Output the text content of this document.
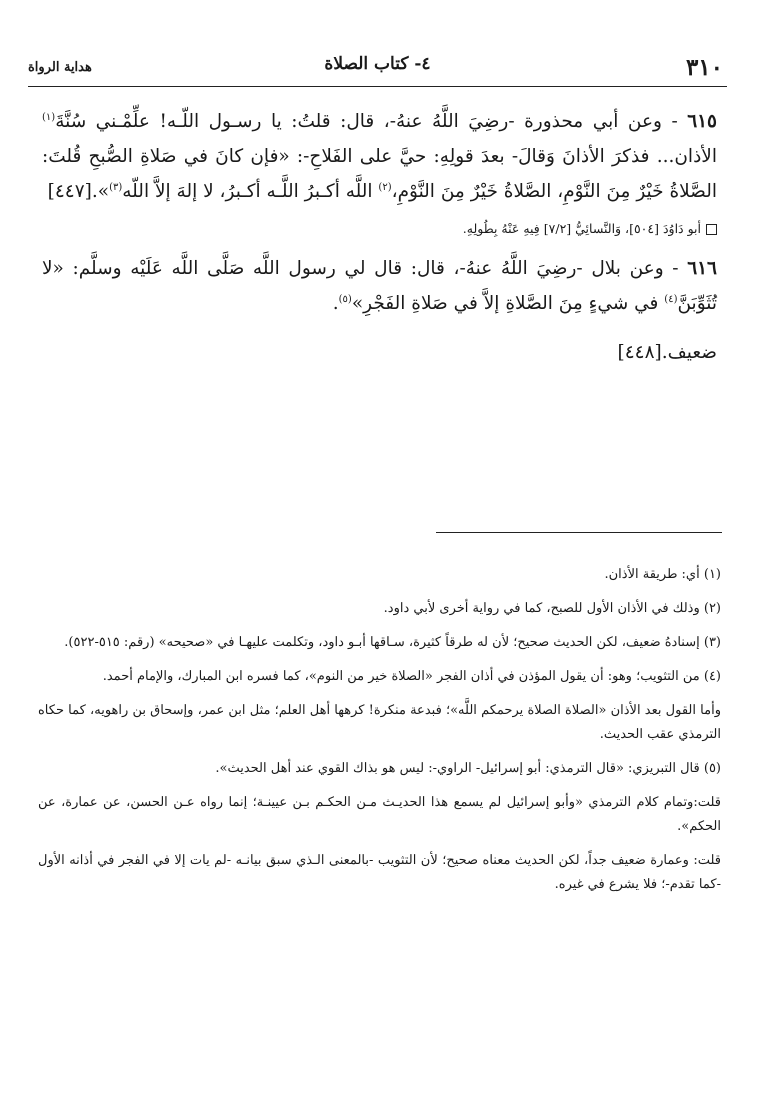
٣١٠
٤- كتاب الصلاة
هداية الرواة

٦١٥ - وعن أبي محذورة -رضِيَ اللَّهُ عنهُ-، قال: قلتُ: يا رسـول اللّـه! علِّمْـني سُنَّةَ$^{(١)}$ الأذان... فذكرَ الأذانَ وَقالَ- بعدَ قولِهِ: حيَّ على الفَلاحِ-: «فإن كانَ في صَلاةِ الصُّبحِ قُلتَ: الصَّلاةُ خَيْرٌ مِنَ النَّوْمِ، الصَّلاةُ خَيْرٌ مِنَ النَّوْمِ،$^{(٢)}$ اللَّه أكـبرُ اللَّـه أكـبرُ، لا إلهَ إلاَّ اللّه$^{(٣)}$».[٤٤٧]

أبو دَاوُدَ [٥٠٤]، وَالنَّسائِيُّ [٧/٢] فِيهِ عَنْهُ بِطُولِهِ.

٦١٦ - وعن بلال -رضِيَ اللَّهُ عنهُ-، قال: قال لي رسول اللَّه صَلَّى اللَّه عَلَيْه وسلَّم: «لا تُثَوِّبَنَّ$^{(٤)}$ في شيءٍ مِنَ الصَّلاةِ إلاَّ في صَلاةِ الفَجْرِ»$^{(٥)}$.

ضعيف.[٤٤٨]

(١) أي: طريقة الأذان.

(٢) وذلك في الأذان الأول للصبح، كما في رواية أخرى لأبي داود.

(٣) إسنادهُ ضعيف، لكن الحديث صحيح؛ لأن له طرقاً كثيرة، سـاقها أبـو داود، وتكلمت عليهـا في «صحيحه» (رقم: ٥١٥-٥٢٢).

(٤) من التثويب؛ وهو: أن يقول المؤذن في أذان الفجر «الصلاة خير من النوم»، كما فسره ابن المبارك، والإمام أحمد.

وأما القول بعد الأذان «الصلاة الصلاة يرحمكم اللَّه»؛ فبدعة منكرة! كرهها أهل العلم؛ مثل ابن عمر، وإسحاق بن راهويه، كما حكاه الترمذي عقب الحديث.

(٥) قال التبريزي: «قال الترمذي: أبو إسرائيل- الراوي-: ليس هو بذاك القوي عند أهل الحديث».

قلت:وتمام كلام الترمذي «وأبو إسرائيل لم يسمع هذا الحديـث مـن الحكـم بـن عيينـة؛ إنما رواه عـن الحسن، عن عمارة، عن الحكم».

قلت: وعمارة ضعيف جداً، لكن الحديث معناه صحيح؛ لأن التثويب -بالمعنى الـذي سبق بيانـه -لم يات إلا في الفجر في أذانه الأول -كما تقدم-؛ فلا يشرع في غيره.
